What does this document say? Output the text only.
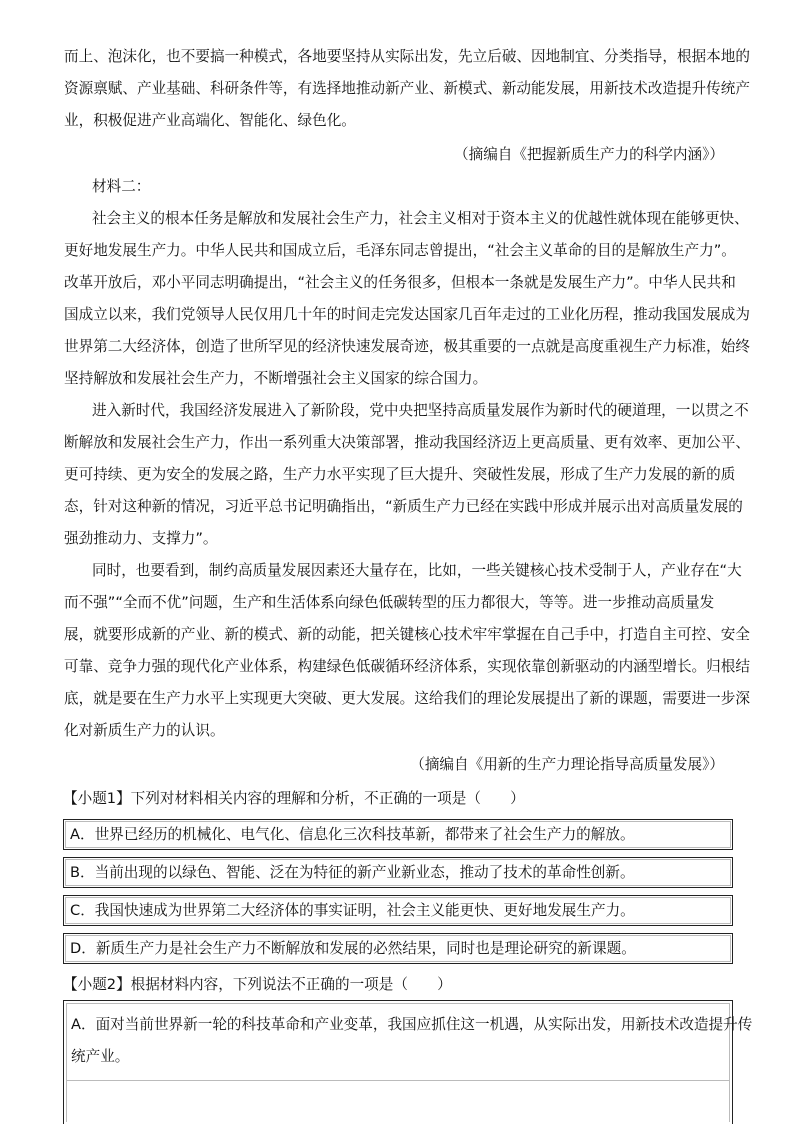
而上、泡沫化，也不要搞一种模式，各地要坚持从实际出发，先立后破、因地制宜、分类指导，根据本地的
资源禀赋、产业基础、科研条件等，有选择地推动新产业、新模式、新动能发展，用新技术改造提升传统产
业，积极促进产业高端化、智能化、绿色化。
（摘编自《把握新质生产力的科学内涵》）
材料二：
社会主义的根本任务是解放和发展社会生产力，社会主义相对于资本主义的优越性就体现在能够更快、
更好地发展生产力。中华人民共和国成立后，毛泽东同志曾提出，“社会主义革命的目的是解放生产力”。
改革开放后，邓小平同志明确提出，“社会主义的任务很多，但根本一条就是发展生产力”。中华人民共和
国成立以来，我们党领导人民仅用几十年的时间走完发达国家几百年走过的工业化历程，推动我国发展成为
世界第二大经济体，创造了世所罕见的经济快速发展奇迹，极其重要的一点就是高度重视生产力标准，始终
坚持解放和发展社会生产力，不断增强社会主义国家的综合国力。
进入新时代，我国经济发展进入了新阶段，党中央把坚持高质量发展作为新时代的硬道理，一以贯之不
断解放和发展社会生产力，作出一系列重大决策部署，推动我国经济迈上更高质量、更有效率、更加公平、
更可持续、更为安全的发展之路，生产力水平实现了巨大提升、突破性发展，形成了生产力发展的新的质
态，针对这种新的情况，习近平总书记明确指出，“新质生产力已经在实践中形成并展示出对高质量发展的
强劲推动力、支撑力”。
同时，也要看到，制约高质量发展因素还大量存在，比如，一些关键核心技术受制于人，产业存在“大
而不强”“全而不优”问题，生产和生活体系向绿色低碳转型的压力都很大，等等。进一步推动高质量发
展，就要形成新的产业、新的模式、新的动能，把关键核心技术牢牢掌握在自己手中，打造自主可控、安全
可靠、竞争力强的现代化产业体系，构建绿色低碳循环经济体系，实现依靠创新驱动的内涵型增长。归根结
底，就是要在生产力水平上实现更大突破、更大发展。这给我们的理论发展提出了新的课题，需要进一步深
化对新质生产力的认识。
（摘编自《用新的生产力理论指导高质量发展》）
【小题1】下列对材料相关内容的理解和分析，不正确的一项是（　　）
A．世界已经历的机械化、电气化、信息化三次科技革新，都带来了社会生产力的解放。
B．当前出现的以绿色、智能、泛在为特征的新产业新业态，推动了技术的革命性创新。
C．我国快速成为世界第二大经济体的事实证明，社会主义能更快、更好地发展生产力。
D．新质生产力是社会生产力不断解放和发展的必然结果，同时也是理论研究的新课题。
【小题2】根据材料内容，下列说法不正确的一项是（　　）
A．面对当前世界新一轮的科技革命和产业变革，我国应抓住这一机遇，从实际出发，用新技术改造提升传
统产业。
